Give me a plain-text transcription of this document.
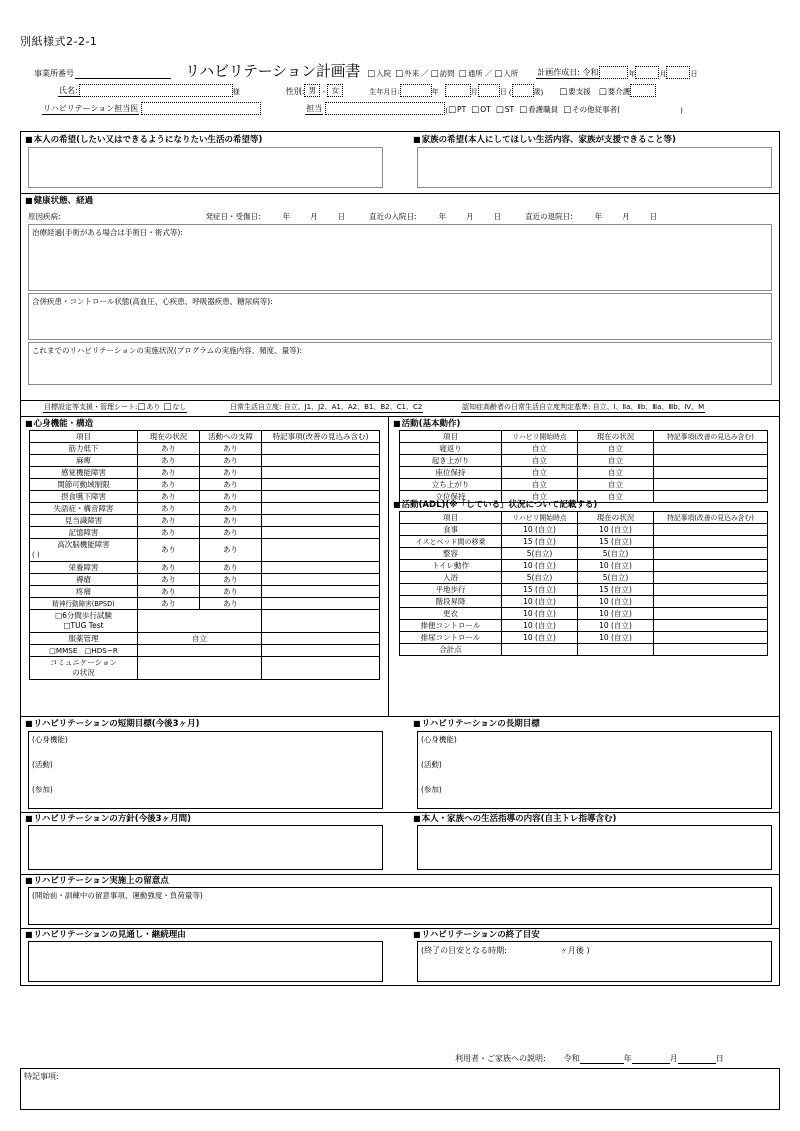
別紙様式2-2-1
事業所番号	リハビリテーション計画書	□ 入院	□ 外来 ／	□ 訪問	□ 通所 ／	□ 入所 計画作成日: 令和	年	月	日
氏名:	様	性別: 男 ・ 女	生年月日:	年	月	日 (	歳 )	□ 要支援	□ 要介護
リハビリテーション担当医	担当	(	□ PT	□ OT	□ ST	□ 看護職員	□ その他従事者(	)
■ 本人の希望(したい又はできるようになりたい生活の希望等)	■ 家族の希望(本人にしてほしい生活内容、家族が支援できること等)
■ 健康状態、経過
原因疾病:	発症日・受傷日:	年	月	日	直近の入院日:	年	月	日	直近の退院日:	年	月	日
治療経過(手術がある場合は手術日・術式等):
合併疾患・コントロール状態(高血圧、心疾患、呼吸器疾患、糖尿病等):
これまでのリハビリテーションの実施状況(プログラムの実施内容、頻度、量等):
目標設定等支援・管理シート: □ あり □ なし	日常生活自立度: 自立、J1、J2、A1、A2、B1、B2、C1、C2	認知症高齢者の日常生活自立度判定基準: 自立、Ⅰ、Ⅱa、Ⅱb、Ⅲa、Ⅲb、Ⅳ、M
■ 心身機能・構造
項目	現在の状況	活動への支障	特記事項(改善の見込み含む)
筋力低下	あり	あり	
麻痺	あり	あり	
感覚機能障害	あり	あり	
関節可動域制限	あり	あり	
摂食嚥下障害	あり	あり	
失語症・構音障害	あり	あり	
見当識障害	あり	あり	
記憶障害	あり	あり	

高次脳機能障害
( )	あり	あり	
栄養障害	あり	あり	
褥瘡	あり	あり	
疼痛	あり	あり	
精神行動障害(BPSD)	あり	あり	

□6分間歩行試験
□TUG Test			

服薬管理	自立		
□MMSE　□HDS−R			

コミュニケーション
の状況			

■ 活動(基本動作)
項目	リハビリ開始時点	現在の状況	特記事項(改善の見込み含む)
寝返り	自立	自立	
起き上がり	自立	自立	
座位保持	自立	自立	
立ち上がり	自立	自立	
立位保持	自立	自立	
■ 活動(ADL)(※「している」状況について記載する)
項目	リハビリ開始時点	現在の状況	特記事項(改善の見込み含む)
食事	10 (自立)	10 (自立)	
イスとベッド間の移乗	15 (自立)	15 (自立)	
整容	5(自立)	5(自立)	
トイレ動作	10 (自立)	10 (自立)	
入浴	5(自立)	5(自立)	
平地歩行	15 (自立)	15 (自立)	
階段昇降	10 (自立)	10 (自立)	
更衣	10 (自立)	10 (自立)	
排便コントロール	10 (自立)	10 (自立)	
排尿コントロール	10 (自立)	10 (自立)	
合計点			
■ リハビリテーションの短期目標(今後3ヶ月)
(心身機能)
(活動)
(参加)
■ リハビリテーションの長期目標
(心身機能)
(活動)
(参加)
■ リハビリテーションの方針(今後3ヶ月間)	■ 本人・家族への生活指導の内容(自主トレ指導含む)
■ リハビリテーション実施上の留意点
(開始前・訓練中の留意事項、運動強度・負荷量等)
■ リハビリテーションの見通し・継続理由	■ リハビリテーションの終了目安
(終了の目安となる時期:	ヶ月後 )
利用者・ご家族への説明: 令和	年	月	日
特記事項:
